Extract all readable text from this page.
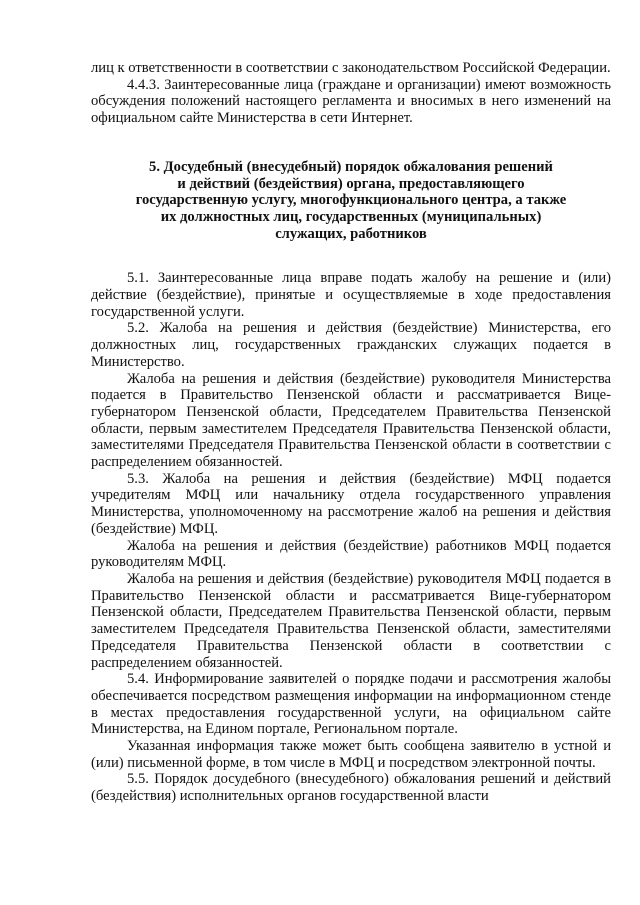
лиц к ответственности в соответствии с законодательством Российской Федерации.

4.4.3. Заинтересованные лица (граждане и организации) имеют возможность обсуждения положений настоящего регламента и вносимых в него изменений на официальном сайте Министерства в сети Интернет.

5. Досудебный (внесудебный) порядок обжалования решений
и действий (бездействия) органа, предоставляющего
государственную услугу, многофункционального центра, а также
их должностных лиц, государственных (муниципальных)
служащих, работников

5.1. Заинтересованные лица вправе подать жалобу на решение и (или) действие (бездействие), принятые и осуществляемые в ходе предоставления государственной услуги.

5.2. Жалоба на решения и действия (бездействие) Министерства, его должностных лиц, государственных гражданских служащих подается в Министерство.

Жалоба на решения и действия (бездействие) руководителя Министерства подается в Правительство Пензенской области и рассматривается Вице-губернатором Пензенской области, Председателем Правительства Пензенской области, первым заместителем Председателя Правительства Пензенской области, заместителями Председателя Правительства Пензенской области в соответствии с распределением обязанностей.

5.3. Жалоба на решения и действия (бездействие) МФЦ подается учредителям МФЦ или начальнику отдела государственного управления Министерства, уполномоченному на рассмотрение жалоб на решения и действия (бездействие) МФЦ.

Жалоба на решения и действия (бездействие) работников МФЦ подается руководителям МФЦ.

Жалоба на решения и действия (бездействие) руководителя МФЦ подается в Правительство Пензенской области и рассматривается Вице-губернатором Пензенской области, Председателем Правительства Пензенской области, первым заместителем Председателя Правительства Пензенской области, заместителями Председателя Правительства Пензенской области в соответствии с распределением обязанностей.

5.4. Информирование заявителей о порядке подачи и рассмотрения жалобы обеспечивается посредством размещения информации на информационном стенде в местах предоставления государственной услуги, на официальном сайте Министерства, на Едином портале, Региональном портале.

Указанная информация также может быть сообщена заявителю в устной и (или) письменной форме, в том числе в МФЦ и посредством электронной почты.

5.5. Порядок досудебного (внесудебного) обжалования решений и действий (бездействия) исполнительных органов государственной власти
